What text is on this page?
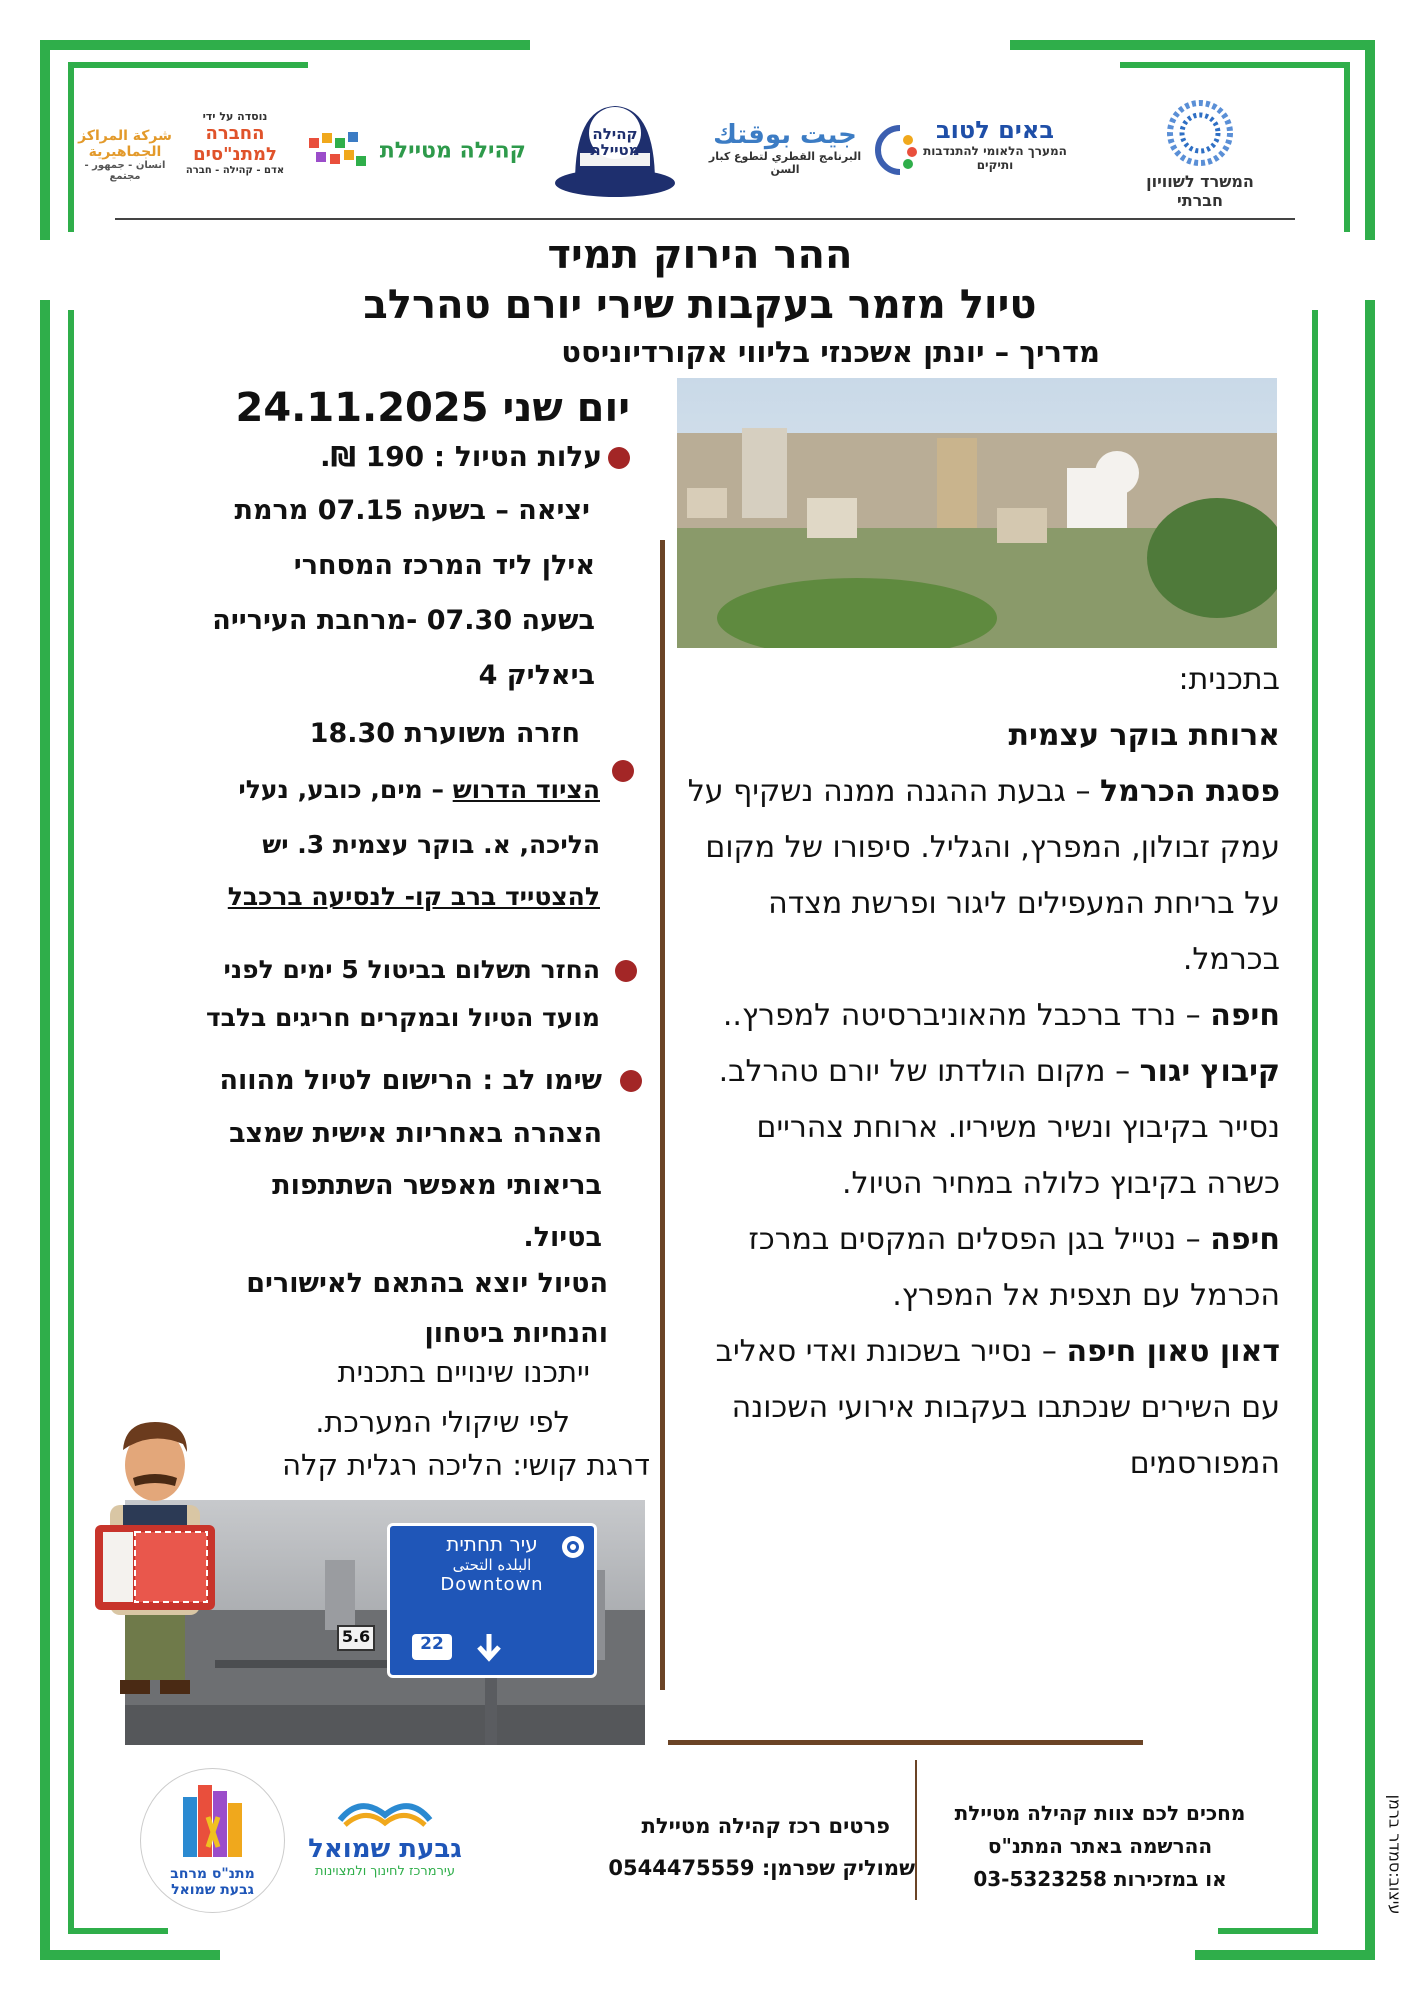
המשרד לשוויון חברתי
באים לטוב
המערך הלאומי להתנדבות ותיקים
جيت بوقتك
البرنامج القطري لتطوع كبار السن
קהילה מטיילת
קהילה מטיילת
נוסדה על ידי
החברה למתנ"סים
אדם - קהילה - חברה
شركة المراكز الجماهيرية
انسان - جمهور - مجتمع
ההר הירוק תמיד
טיול מזמר בעקבות שירי יורם טהרלב
מדריך – יונתן אשכנזי בליווי אקורדיוניסט
יום שני 24.11.2025
עלות הטיול : 190 ₪.
יציאה – בשעה 07.15 מרמת
אילן ליד המרכז המסחרי
בשעה 07.30 -מרחבת העירייה
ביאליק 4
חזרה משוערת 18.30
הציוד הדרוש – מים, כובע, נעלי
הליכה, א. בוקר עצמית 3. יש
להצטייד ברב קו- לנסיעה ברכבל
החזר תשלום בביטול 5 ימים לפני
מועד הטיול ובמקרים חריגים בלבד
שימו לב : הרישום לטיול מהווה
הצהרה באחריות אישית שמצב
בריאותי מאפשר השתתפות
בטיול.
הטיול יוצא בהתאם לאישורים
והנחיות ביטחון
ייתכנו שינויים בתכנית
לפי שיקולי המערכת.
דרגת קושי: הליכה רגלית קלה
בתכנית:
ארוחת בוקר עצמית
פסגת הכרמל – גבעת ההגנה ממנה נשקיף על עמק זבולון, המפרץ, והגליל. סיפורו של מקום על בריחת המעפילים ליגור ופרשת מצדה בכרמל.
חיפה – נרד ברכבל מהאוניברסיטה למפרץ..
קיבוץ יגור – מקום הולדתו של יורם טהרלב. נסייר בקיבוץ ונשיר משיריו. ארוחת צהריים כשרה בקיבוץ כלולה במחיר הטיול.
חיפה – נטייל בגן הפסלים המקסים במרכז הכרמל עם תצפית אל המפרץ.
דאון טאון חיפה – נסייר בשכונת ואדי סאליב עם השירים שנכתבו בעקבות אירועי השכונה המפורסמים
5.6
עיר תחתית
البلده التحتى
Downtown
22
מחכים לכם צוות קהילה מטיילת
ההרשמה באתר המתנ"ס
או במזכירות 03-5323258
פרטים רכז קהילה מטיילת
שמוליק שפרמן: 0544475559
גבעת שמואל
עירמרכז לחינוך ולמצוינות
מתנ"ס מרחב
גבעת שמואל	עיצוב:סמדר ברמן
